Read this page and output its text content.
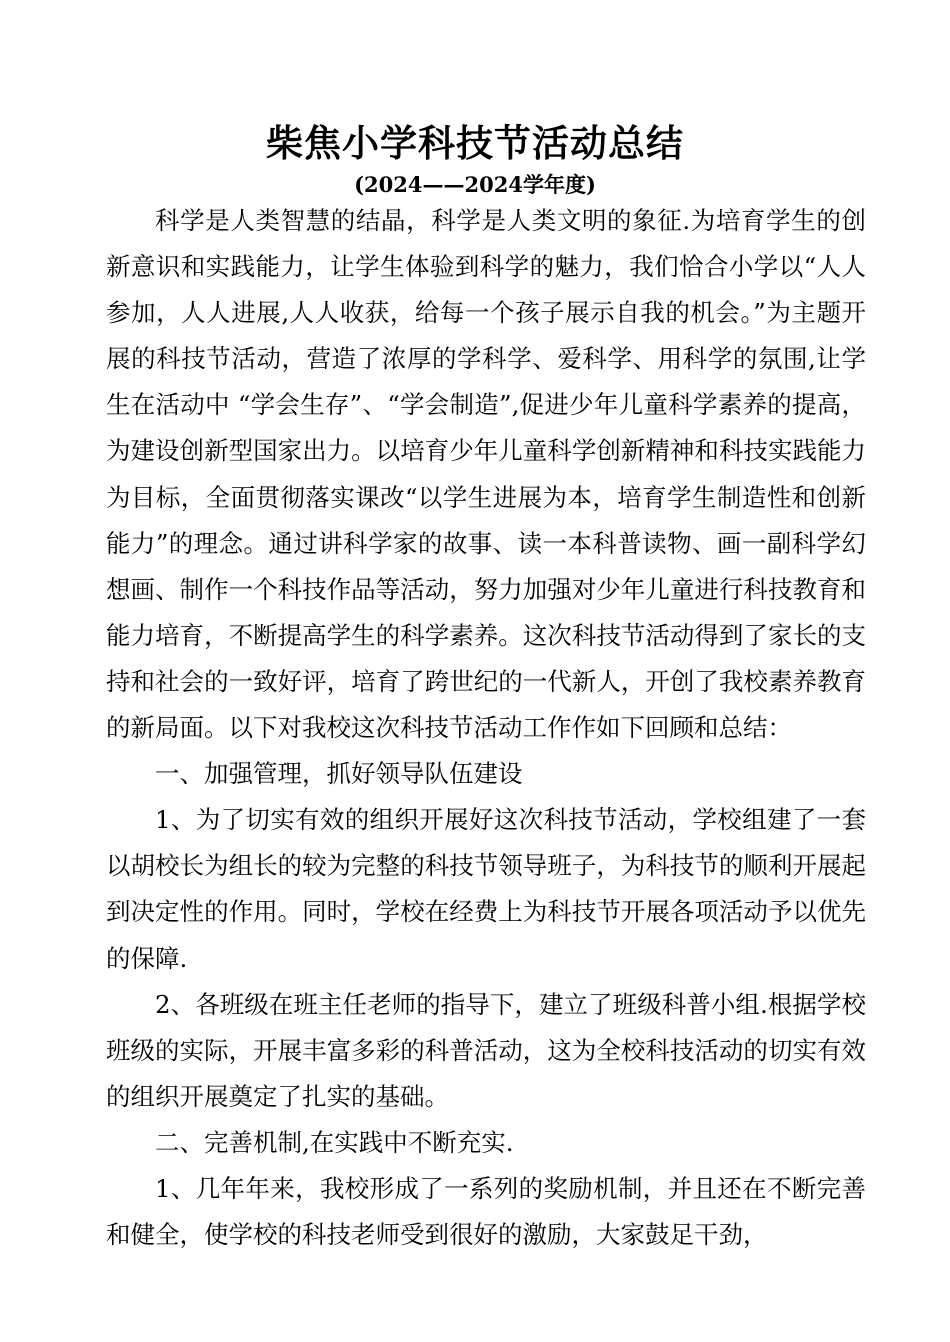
柴焦小学科技节活动总结
(2024——2024学年度)

科学是人类智慧的结晶，科学是人类文明的象征.为培育学生的创新意识和实践能力，让学生体验到科学的魅力，我们恰合小学以“人人参加，人人进展,人人收获，给每一个孩子展示自我的机会。”为主题开展的科技节活动，营造了浓厚的学科学、爱科学、用科学的氛围,让学生在活动中 “学会生存”、“学会制造”,促进少年儿童科学素养的提高，为建设创新型国家出力。以培育少年儿童科学创新精神和科技实践能力为目标，全面贯彻落实课改“以学生进展为本，培育学生制造性和创新能力”的理念。通过讲科学家的故事、读一本科普读物、画一副科学幻想画、制作一个科技作品等活动，努力加强对少年儿童进行科技教育和能力培育，不断提高学生的科学素养。这次科技节活动得到了家长的支持和社会的一致好评，培育了跨世纪的一代新人，开创了我校素养教育的新局面。以下对我校这次科技节活动工作作如下回顾和总结：

一、加强管理，抓好领导队伍建设

1、为了切实有效的组织开展好这次科技节活动，学校组建了一套以胡校长为组长的较为完整的科技节领导班子，为科技节的顺利开展起到决定性的作用。同时，学校在经费上为科技节开展各项活动予以优先的保障.

2、各班级在班主任老师的指导下，建立了班级科普小组.根据学校班级的实际，开展丰富多彩的科普活动，这为全校科技活动的切实有效的组织开展奠定了扎实的基础。

二、完善机制,在实践中不断充实.

1、几年年来，我校形成了一系列的奖励机制，并且还在不断完善和健全，使学校的科技老师受到很好的激励，大家鼓足干劲，
